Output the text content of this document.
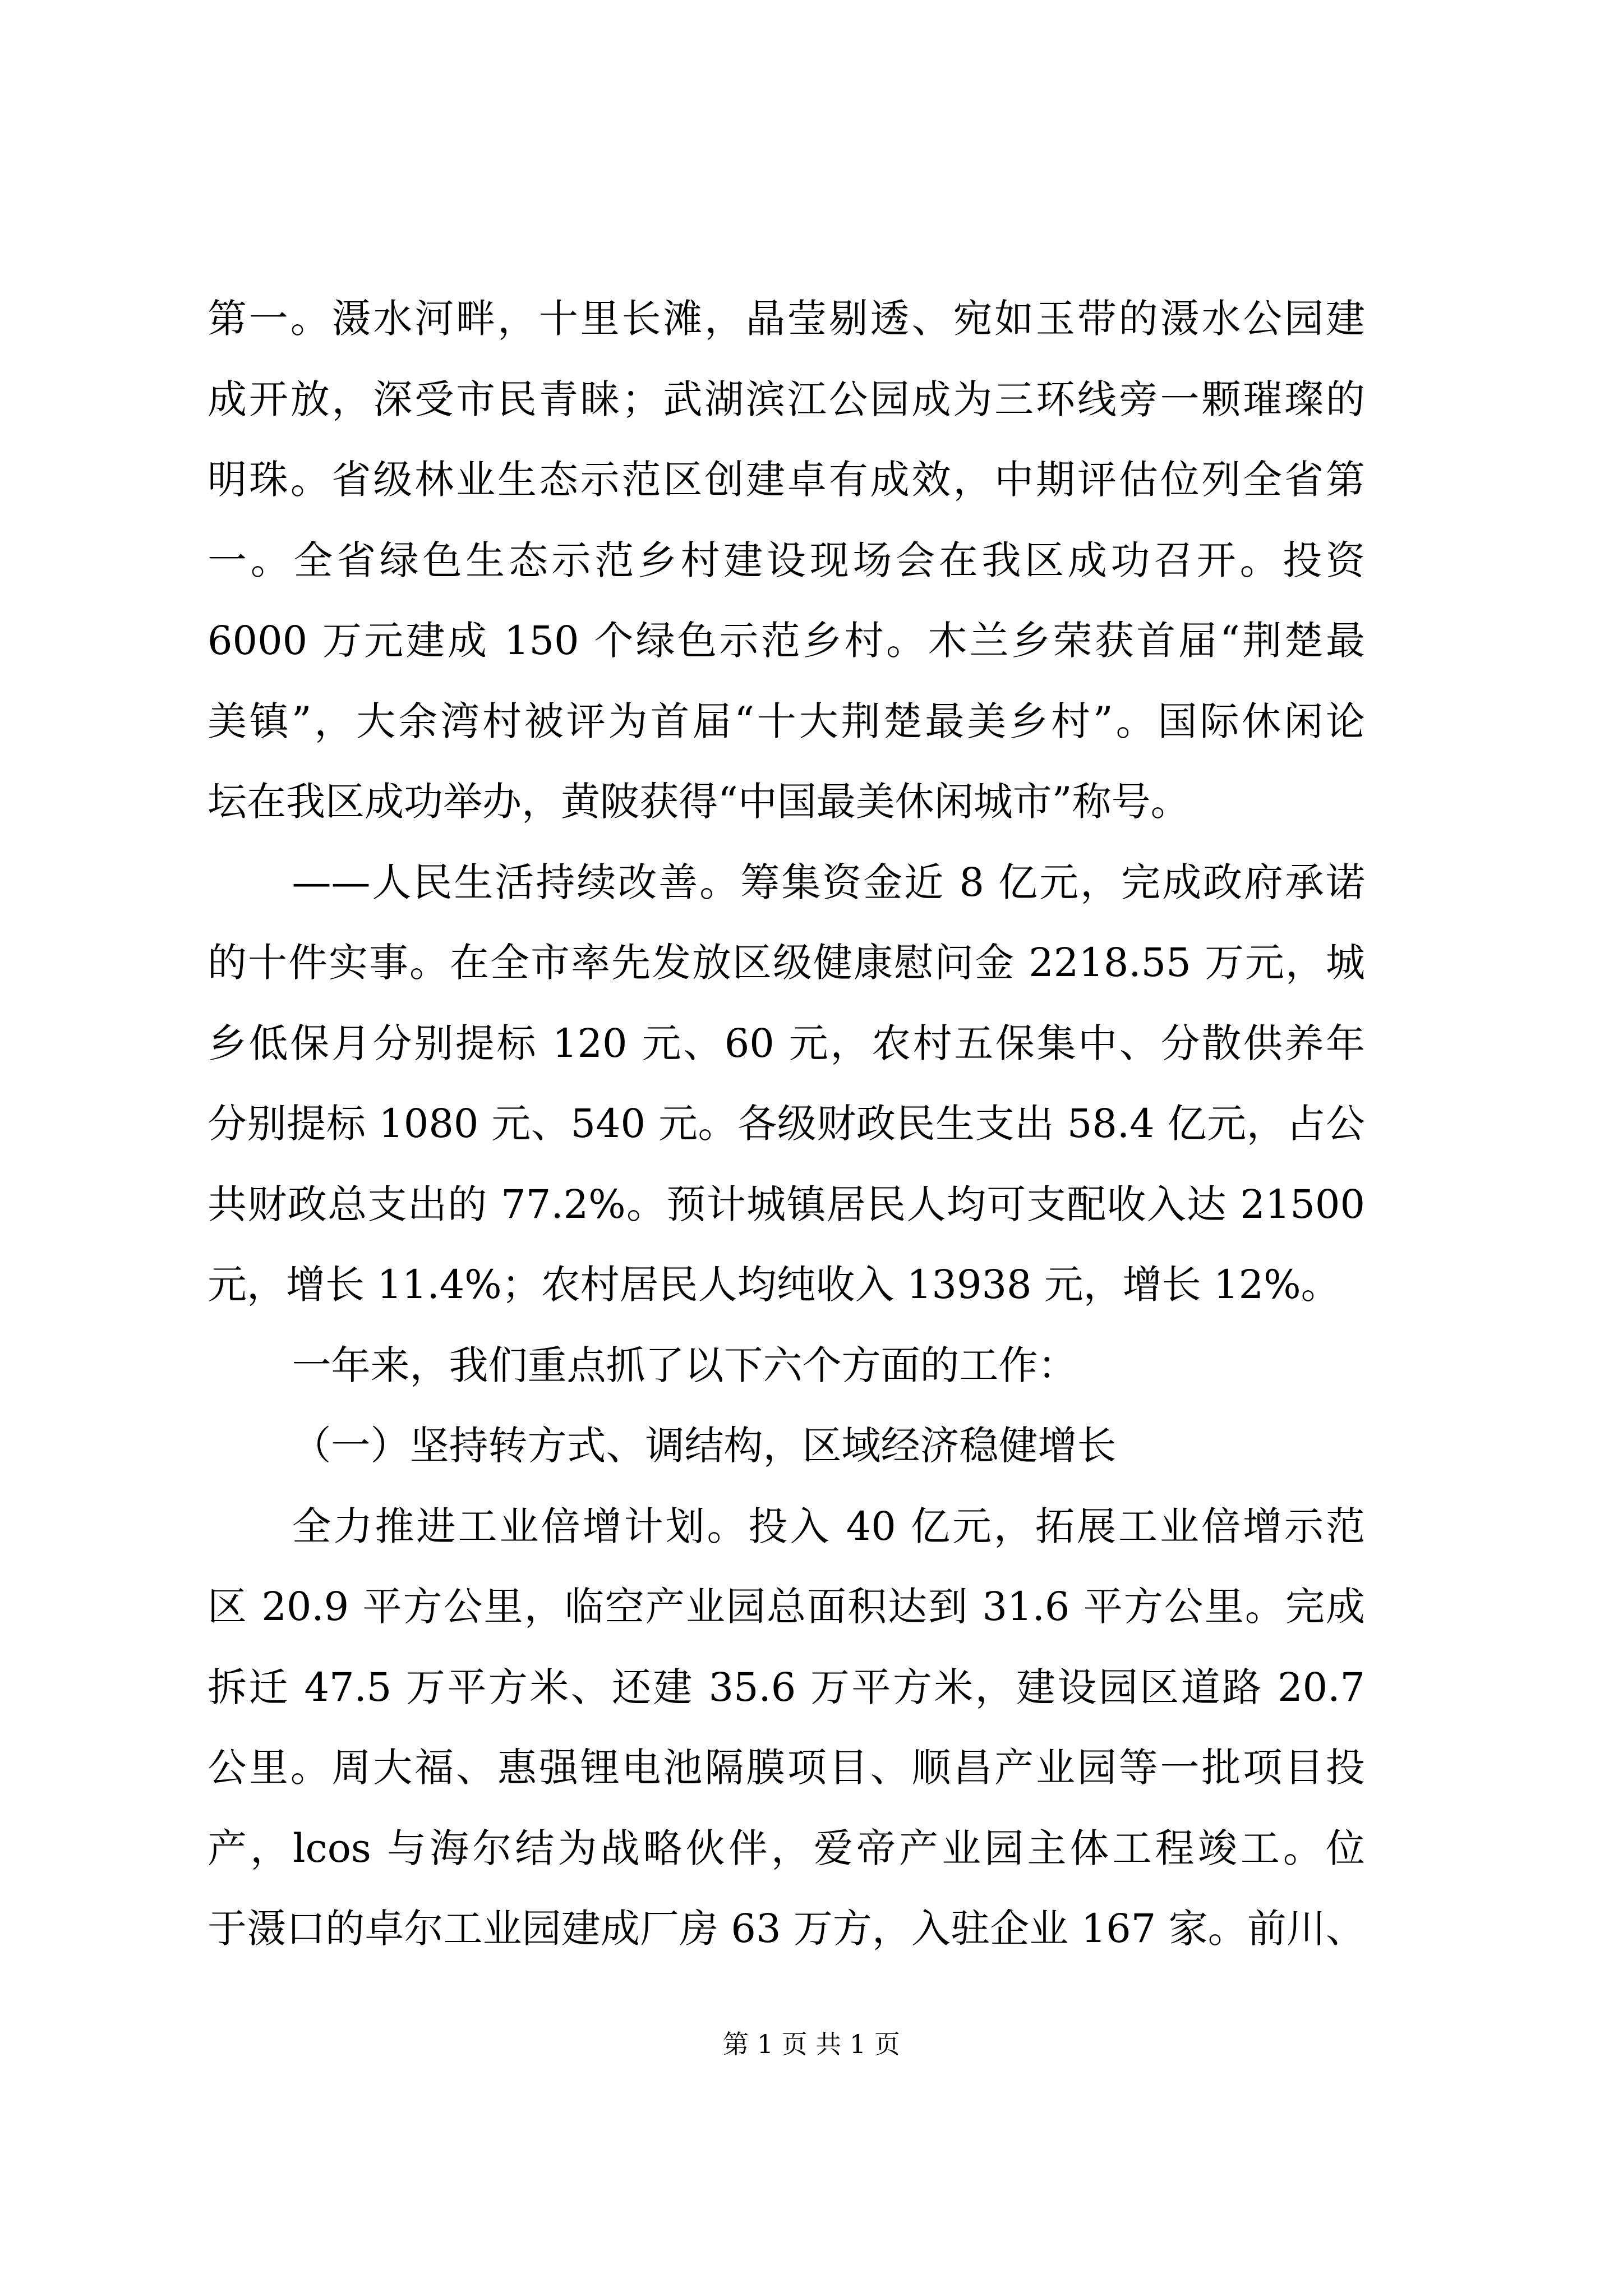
第一。滠水河畔，十里长滩，晶莹剔透、宛如玉带的滠水公园建
成开放，深受市民青睐；武湖滨江公园成为三环线旁一颗璀璨的
明珠。省级林业生态示范区创建卓有成效，中期评估位列全省第
一。全省绿色生态示范乡村建设现场会在我区成功召开。投资
6000 万元建成 150 个绿色示范乡村。木兰乡荣获首届“荆楚最
美镇”，大余湾村被评为首届“十大荆楚最美乡村”。国际休闲论
坛在我区成功举办，黄陂获得“中国最美休闲城市”称号。
——人民生活持续改善。筹集资金近 8 亿元，完成政府承诺
的十件实事。在全市率先发放区级健康慰问金 2218.55 万元，城
乡低保月分别提标 120 元、60 元，农村五保集中、分散供养年
分别提标 1080 元、540 元。各级财政民生支出 58.4 亿元，占公
共财政总支出的 77.2%。预计城镇居民人均可支配收入达 21500
元，增长 11.4%；农村居民人均纯收入 13938 元，增长 12%。
一年来，我们重点抓了以下六个方面的工作：
（一）坚持转方式、调结构，区域经济稳健增长
全力推进工业倍增计划。投入 40 亿元，拓展工业倍增示范
区 20.9 平方公里，临空产业园总面积达到 31.6 平方公里。完成
拆迁 47.5 万平方米、还建 35.6 万平方米，建设园区道路 20.7
公里。周大福、惠强锂电池隔膜项目、顺昌产业园等一批项目投
产，lcos 与海尔结为战略伙伴，爱帝产业园主体工程竣工。位
于滠口的卓尔工业园建成厂房 63 万方，入驻企业 167 家。前川、
第 1 页 共 1 页
